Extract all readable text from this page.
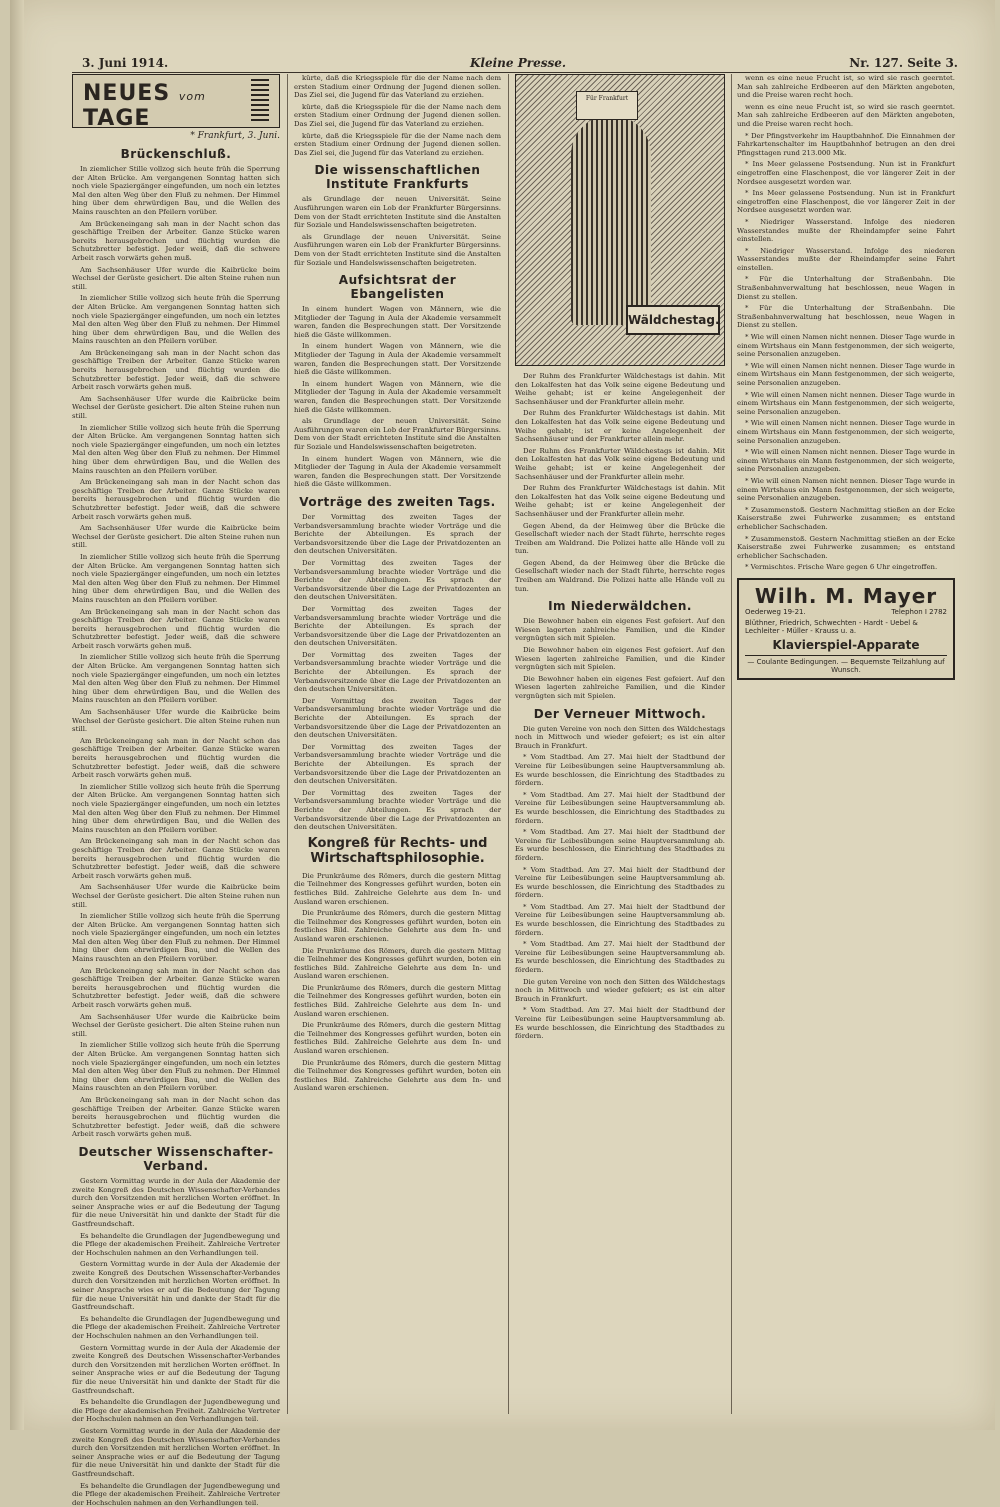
3. Juni 1914.	Kleine Presse.	Nr. 127. Seite 3.
NEUES vom TAGE
* Frankfurt, 3. Juni.
Brückenschluß.

In ziemlicher Stille vollzog sich heute früh die Sperrung der Alten Brücke. Am vergangenen Sonntag hatten sich noch viele Spaziergänger eingefunden, um noch ein letztes Mal den alten Weg über den Fluß zu nehmen. Der Himmel hing über dem ehrwürdigen Bau, und die Wellen des Mains rauschten an den Pfeilern vorüber.

Am Brückeneingang sah man in der Nacht schon das geschäftige Treiben der Arbeiter. Ganze Stücke waren bereits herausgebrochen und flüchtig wurden die Schutzbretter befestigt. Jeder weiß, daß die schwere Arbeit rasch vorwärts gehen muß.

Am Sachsenhäuser Ufer wurde die Kaibrücke beim Wechsel der Gerüste gesichert. Die alten Steine ruhen nun still.

In ziemlicher Stille vollzog sich heute früh die Sperrung der Alten Brücke. Am vergangenen Sonntag hatten sich noch viele Spaziergänger eingefunden, um noch ein letztes Mal den alten Weg über den Fluß zu nehmen. Der Himmel hing über dem ehrwürdigen Bau, und die Wellen des Mains rauschten an den Pfeilern vorüber.

Am Brückeneingang sah man in der Nacht schon das geschäftige Treiben der Arbeiter. Ganze Stücke waren bereits herausgebrochen und flüchtig wurden die Schutzbretter befestigt. Jeder weiß, daß die schwere Arbeit rasch vorwärts gehen muß.

Am Sachsenhäuser Ufer wurde die Kaibrücke beim Wechsel der Gerüste gesichert. Die alten Steine ruhen nun still.

In ziemlicher Stille vollzog sich heute früh die Sperrung der Alten Brücke. Am vergangenen Sonntag hatten sich noch viele Spaziergänger eingefunden, um noch ein letztes Mal den alten Weg über den Fluß zu nehmen. Der Himmel hing über dem ehrwürdigen Bau, und die Wellen des Mains rauschten an den Pfeilern vorüber.

Am Brückeneingang sah man in der Nacht schon das geschäftige Treiben der Arbeiter. Ganze Stücke waren bereits herausgebrochen und flüchtig wurden die Schutzbretter befestigt. Jeder weiß, daß die schwere Arbeit rasch vorwärts gehen muß.

Am Sachsenhäuser Ufer wurde die Kaibrücke beim Wechsel der Gerüste gesichert. Die alten Steine ruhen nun still.

In ziemlicher Stille vollzog sich heute früh die Sperrung der Alten Brücke. Am vergangenen Sonntag hatten sich noch viele Spaziergänger eingefunden, um noch ein letztes Mal den alten Weg über den Fluß zu nehmen. Der Himmel hing über dem ehrwürdigen Bau, und die Wellen des Mains rauschten an den Pfeilern vorüber.

Am Brückeneingang sah man in der Nacht schon das geschäftige Treiben der Arbeiter. Ganze Stücke waren bereits herausgebrochen und flüchtig wurden die Schutzbretter befestigt. Jeder weiß, daß die schwere Arbeit rasch vorwärts gehen muß.

In ziemlicher Stille vollzog sich heute früh die Sperrung der Alten Brücke. Am vergangenen Sonntag hatten sich noch viele Spaziergänger eingefunden, um noch ein letztes Mal den alten Weg über den Fluß zu nehmen. Der Himmel hing über dem ehrwürdigen Bau, und die Wellen des Mains rauschten an den Pfeilern vorüber.

Am Sachsenhäuser Ufer wurde die Kaibrücke beim Wechsel der Gerüste gesichert. Die alten Steine ruhen nun still.

Am Brückeneingang sah man in der Nacht schon das geschäftige Treiben der Arbeiter. Ganze Stücke waren bereits herausgebrochen und flüchtig wurden die Schutzbretter befestigt. Jeder weiß, daß die schwere Arbeit rasch vorwärts gehen muß.

In ziemlicher Stille vollzog sich heute früh die Sperrung der Alten Brücke. Am vergangenen Sonntag hatten sich noch viele Spaziergänger eingefunden, um noch ein letztes Mal den alten Weg über den Fluß zu nehmen. Der Himmel hing über dem ehrwürdigen Bau, und die Wellen des Mains rauschten an den Pfeilern vorüber.

Am Brückeneingang sah man in der Nacht schon das geschäftige Treiben der Arbeiter. Ganze Stücke waren bereits herausgebrochen und flüchtig wurden die Schutzbretter befestigt. Jeder weiß, daß die schwere Arbeit rasch vorwärts gehen muß.

Am Sachsenhäuser Ufer wurde die Kaibrücke beim Wechsel der Gerüste gesichert. Die alten Steine ruhen nun still.

In ziemlicher Stille vollzog sich heute früh die Sperrung der Alten Brücke. Am vergangenen Sonntag hatten sich noch viele Spaziergänger eingefunden, um noch ein letztes Mal den alten Weg über den Fluß zu nehmen. Der Himmel hing über dem ehrwürdigen Bau, und die Wellen des Mains rauschten an den Pfeilern vorüber.

Am Brückeneingang sah man in der Nacht schon das geschäftige Treiben der Arbeiter. Ganze Stücke waren bereits herausgebrochen und flüchtig wurden die Schutzbretter befestigt. Jeder weiß, daß die schwere Arbeit rasch vorwärts gehen muß.

Am Sachsenhäuser Ufer wurde die Kaibrücke beim Wechsel der Gerüste gesichert. Die alten Steine ruhen nun still.

In ziemlicher Stille vollzog sich heute früh die Sperrung der Alten Brücke. Am vergangenen Sonntag hatten sich noch viele Spaziergänger eingefunden, um noch ein letztes Mal den alten Weg über den Fluß zu nehmen. Der Himmel hing über dem ehrwürdigen Bau, und die Wellen des Mains rauschten an den Pfeilern vorüber.

Am Brückeneingang sah man in der Nacht schon das geschäftige Treiben der Arbeiter. Ganze Stücke waren bereits herausgebrochen und flüchtig wurden die Schutzbretter befestigt. Jeder weiß, daß die schwere Arbeit rasch vorwärts gehen muß.

Deutscher Wissenschafter-Verband.

Gestern Vormittag wurde in der Aula der Akademie der zweite Kongreß des Deutschen Wissenschafter-Verbandes durch den Vorsitzenden mit herzlichen Worten eröffnet. In seiner Ansprache wies er auf die Bedeutung der Tagung für die neue Universität hin und dankte der Stadt für die Gastfreundschaft.

Es behandelte die Grundlagen der Jugendbewegung und die Pflege der akademischen Freiheit. Zahlreiche Vertreter der Hochschulen nahmen an den Verhandlungen teil.

Gestern Vormittag wurde in der Aula der Akademie der zweite Kongreß des Deutschen Wissenschafter-Verbandes durch den Vorsitzenden mit herzlichen Worten eröffnet. In seiner Ansprache wies er auf die Bedeutung der Tagung für die neue Universität hin und dankte der Stadt für die Gastfreundschaft.

Es behandelte die Grundlagen der Jugendbewegung und die Pflege der akademischen Freiheit. Zahlreiche Vertreter der Hochschulen nahmen an den Verhandlungen teil.

Gestern Vormittag wurde in der Aula der Akademie der zweite Kongreß des Deutschen Wissenschafter-Verbandes durch den Vorsitzenden mit herzlichen Worten eröffnet. In seiner Ansprache wies er auf die Bedeutung der Tagung für die neue Universität hin und dankte der Stadt für die Gastfreundschaft.

Es behandelte die Grundlagen der Jugendbewegung und die Pflege der akademischen Freiheit. Zahlreiche Vertreter der Hochschulen nahmen an den Verhandlungen teil.

Gestern Vormittag wurde in der Aula der Akademie der zweite Kongreß des Deutschen Wissenschafter-Verbandes durch den Vorsitzenden mit herzlichen Worten eröffnet. In seiner Ansprache wies er auf die Bedeutung der Tagung für die neue Universität hin und dankte der Stadt für die Gastfreundschaft.

Es behandelte die Grundlagen der Jugendbewegung und die Pflege der akademischen Freiheit. Zahlreiche Vertreter der Hochschulen nahmen an den Verhandlungen teil.

kürte, daß die Kriegsspiele für die der Name nach dem ersten Stadium einer Ordnung der Jugend dienen sollen. Das Ziel sei, die Jugend für das Vaterland zu erziehen.

kürte, daß die Kriegsspiele für die der Name nach dem ersten Stadium einer Ordnung der Jugend dienen sollen. Das Ziel sei, die Jugend für das Vaterland zu erziehen.

kürte, daß die Kriegsspiele für die der Name nach dem ersten Stadium einer Ordnung der Jugend dienen sollen. Das Ziel sei, die Jugend für das Vaterland zu erziehen.

Die wissenschaftlichen Institute Frankfurts

als Grundlage der neuen Universität. Seine Ausführungen waren ein Lob der Frankfurter Bürgersinns. Dem von der Stadt errichteten Institute sind die Anstalten für Soziale und Handelswissenschaften beigetreten.

als Grundlage der neuen Universität. Seine Ausführungen waren ein Lob der Frankfurter Bürgersinns. Dem von der Stadt errichteten Institute sind die Anstalten für Soziale und Handelswissenschaften beigetreten.

Aufsichtsrat der Ebangelisten

In einem hundert Wagen von Männern, wie die Mitglieder der Tagung in Aula der Akademie versammelt waren, fanden die Besprechungen statt. Der Vorsitzende hieß die Gäste willkommen.

In einem hundert Wagen von Männern, wie die Mitglieder der Tagung in Aula der Akademie versammelt waren, fanden die Besprechungen statt. Der Vorsitzende hieß die Gäste willkommen.

In einem hundert Wagen von Männern, wie die Mitglieder der Tagung in Aula der Akademie versammelt waren, fanden die Besprechungen statt. Der Vorsitzende hieß die Gäste willkommen.

als Grundlage der neuen Universität. Seine Ausführungen waren ein Lob der Frankfurter Bürgersinns. Dem von der Stadt errichteten Institute sind die Anstalten für Soziale und Handelswissenschaften beigetreten.

In einem hundert Wagen von Männern, wie die Mitglieder der Tagung in Aula der Akademie versammelt waren, fanden die Besprechungen statt. Der Vorsitzende hieß die Gäste willkommen.

Vorträge des zweiten Tags.

Der Vormittag des zweiten Tages der Verbandsversammlung brachte wieder Vorträge und die Berichte der Abteilungen. Es sprach der Verbandsvorsitzende über die Lage der Privatdozenten an den deutschen Universitäten.

Der Vormittag des zweiten Tages der Verbandsversammlung brachte wieder Vorträge und die Berichte der Abteilungen. Es sprach der Verbandsvorsitzende über die Lage der Privatdozenten an den deutschen Universitäten.

Der Vormittag des zweiten Tages der Verbandsversammlung brachte wieder Vorträge und die Berichte der Abteilungen. Es sprach der Verbandsvorsitzende über die Lage der Privatdozenten an den deutschen Universitäten.

Der Vormittag des zweiten Tages der Verbandsversammlung brachte wieder Vorträge und die Berichte der Abteilungen. Es sprach der Verbandsvorsitzende über die Lage der Privatdozenten an den deutschen Universitäten.

Der Vormittag des zweiten Tages der Verbandsversammlung brachte wieder Vorträge und die Berichte der Abteilungen. Es sprach der Verbandsvorsitzende über die Lage der Privatdozenten an den deutschen Universitäten.

Der Vormittag des zweiten Tages der Verbandsversammlung brachte wieder Vorträge und die Berichte der Abteilungen. Es sprach der Verbandsvorsitzende über die Lage der Privatdozenten an den deutschen Universitäten.

Der Vormittag des zweiten Tages der Verbandsversammlung brachte wieder Vorträge und die Berichte der Abteilungen. Es sprach der Verbandsvorsitzende über die Lage der Privatdozenten an den deutschen Universitäten.

Kongreß für Rechts- und Wirtschaftsphilosophie.

Die Prunkräume des Römers, durch die gestern Mittag die Teilnehmer des Kongresses geführt wurden, boten ein festliches Bild. Zahlreiche Gelehrte aus dem In- und Ausland waren erschienen.

Die Prunkräume des Römers, durch die gestern Mittag die Teilnehmer des Kongresses geführt wurden, boten ein festliches Bild. Zahlreiche Gelehrte aus dem In- und Ausland waren erschienen.

Die Prunkräume des Römers, durch die gestern Mittag die Teilnehmer des Kongresses geführt wurden, boten ein festliches Bild. Zahlreiche Gelehrte aus dem In- und Ausland waren erschienen.

Die Prunkräume des Römers, durch die gestern Mittag die Teilnehmer des Kongresses geführt wurden, boten ein festliches Bild. Zahlreiche Gelehrte aus dem In- und Ausland waren erschienen.

Die Prunkräume des Römers, durch die gestern Mittag die Teilnehmer des Kongresses geführt wurden, boten ein festliches Bild. Zahlreiche Gelehrte aus dem In- und Ausland waren erschienen.

Die Prunkräume des Römers, durch die gestern Mittag die Teilnehmer des Kongresses geführt wurden, boten ein festliches Bild. Zahlreiche Gelehrte aus dem In- und Ausland waren erschienen.

Für Frankfurt
Wäldchestag.

Der Ruhm des Frankfurter Wäldchestags ist dahin. Mit den Lokalfesten hat das Volk seine eigene Bedeutung und Weihe gehabt; ist er keine Angelegenheit der Sachsenhäuser und der Frankfurter allein mehr.

Der Ruhm des Frankfurter Wäldchestags ist dahin. Mit den Lokalfesten hat das Volk seine eigene Bedeutung und Weihe gehabt; ist er keine Angelegenheit der Sachsenhäuser und der Frankfurter allein mehr.

Der Ruhm des Frankfurter Wäldchestags ist dahin. Mit den Lokalfesten hat das Volk seine eigene Bedeutung und Weihe gehabt; ist er keine Angelegenheit der Sachsenhäuser und der Frankfurter allein mehr.

Der Ruhm des Frankfurter Wäldchestags ist dahin. Mit den Lokalfesten hat das Volk seine eigene Bedeutung und Weihe gehabt; ist er keine Angelegenheit der Sachsenhäuser und der Frankfurter allein mehr.

Gegen Abend, da der Heimweg über die Brücke die Gesellschaft wieder nach der Stadt führte, herrschte reges Treiben am Waldrand. Die Polizei hatte alle Hände voll zu tun.

Gegen Abend, da der Heimweg über die Brücke die Gesellschaft wieder nach der Stadt führte, herrschte reges Treiben am Waldrand. Die Polizei hatte alle Hände voll zu tun.

Im Niederwäldchen.

Die Bewohner haben ein eigenes Fest gefeiert. Auf den Wiesen lagerten zahlreiche Familien, und die Kinder vergnügten sich mit Spielen.

Die Bewohner haben ein eigenes Fest gefeiert. Auf den Wiesen lagerten zahlreiche Familien, und die Kinder vergnügten sich mit Spielen.

Die Bewohner haben ein eigenes Fest gefeiert. Auf den Wiesen lagerten zahlreiche Familien, und die Kinder vergnügten sich mit Spielen.

Der Verneuer Mittwoch.

Die guten Vereine von noch den Sitten des Wäldchestags noch in Mittwoch und wieder gefeiert; es ist ein alter Brauch in Frankfurt.

* Vom Stadtbad. Am 27. Mai hielt der Stadtbund der Vereine für Leibesübungen seine Hauptversammlung ab. Es wurde beschlossen, die Einrichtung des Stadtbades zu fördern.

* Vom Stadtbad. Am 27. Mai hielt der Stadtbund der Vereine für Leibesübungen seine Hauptversammlung ab. Es wurde beschlossen, die Einrichtung des Stadtbades zu fördern.

* Vom Stadtbad. Am 27. Mai hielt der Stadtbund der Vereine für Leibesübungen seine Hauptversammlung ab. Es wurde beschlossen, die Einrichtung des Stadtbades zu fördern.

* Vom Stadtbad. Am 27. Mai hielt der Stadtbund der Vereine für Leibesübungen seine Hauptversammlung ab. Es wurde beschlossen, die Einrichtung des Stadtbades zu fördern.

* Vom Stadtbad. Am 27. Mai hielt der Stadtbund der Vereine für Leibesübungen seine Hauptversammlung ab. Es wurde beschlossen, die Einrichtung des Stadtbades zu fördern.

* Vom Stadtbad. Am 27. Mai hielt der Stadtbund der Vereine für Leibesübungen seine Hauptversammlung ab. Es wurde beschlossen, die Einrichtung des Stadtbades zu fördern.

Die guten Vereine von noch den Sitten des Wäldchestags noch in Mittwoch und wieder gefeiert; es ist ein alter Brauch in Frankfurt.

* Vom Stadtbad. Am 27. Mai hielt der Stadtbund der Vereine für Leibesübungen seine Hauptversammlung ab. Es wurde beschlossen, die Einrichtung des Stadtbades zu fördern.

wenn es eine neue Frucht ist, so wird sie rasch geerntet. Man sah zahlreiche Erdbeeren auf den Märkten angeboten, und die Preise waren recht hoch.

wenn es eine neue Frucht ist, so wird sie rasch geerntet. Man sah zahlreiche Erdbeeren auf den Märkten angeboten, und die Preise waren recht hoch.

* Der Pfingstverkehr im Hauptbahnhof. Die Einnahmen der Fahrkartenschalter im Hauptbahnhof betrugen an den drei Pfingsttagen rund 213.000 Mk.

* Ins Meer gelassene Postsendung. Nun ist in Frankfurt eingetroffen eine Flaschenpost, die vor längerer Zeit in der Nordsee ausgesetzt worden war.

* Ins Meer gelassene Postsendung. Nun ist in Frankfurt eingetroffen eine Flaschenpost, die vor längerer Zeit in der Nordsee ausgesetzt worden war.

* Niedriger Wasserstand. Infolge des niederen Wasserstandes mußte der Rheindampfer seine Fahrt einstellen.

* Niedriger Wasserstand. Infolge des niederen Wasserstandes mußte der Rheindampfer seine Fahrt einstellen.

* Für die Unterhaltung der Straßenbahn. Die Straßenbahnverwaltung hat beschlossen, neue Wagen in Dienst zu stellen.

* Für die Unterhaltung der Straßenbahn. Die Straßenbahnverwaltung hat beschlossen, neue Wagen in Dienst zu stellen.

* Wie will einen Namen nicht nennen. Dieser Tage wurde in einem Wirtshaus ein Mann festgenommen, der sich weigerte, seine Personalien anzugeben.

* Wie will einen Namen nicht nennen. Dieser Tage wurde in einem Wirtshaus ein Mann festgenommen, der sich weigerte, seine Personalien anzugeben.

* Wie will einen Namen nicht nennen. Dieser Tage wurde in einem Wirtshaus ein Mann festgenommen, der sich weigerte, seine Personalien anzugeben.

* Wie will einen Namen nicht nennen. Dieser Tage wurde in einem Wirtshaus ein Mann festgenommen, der sich weigerte, seine Personalien anzugeben.

* Wie will einen Namen nicht nennen. Dieser Tage wurde in einem Wirtshaus ein Mann festgenommen, der sich weigerte, seine Personalien anzugeben.

* Wie will einen Namen nicht nennen. Dieser Tage wurde in einem Wirtshaus ein Mann festgenommen, der sich weigerte, seine Personalien anzugeben.

* Zusammenstoß. Gestern Nachmittag stießen an der Ecke Kaiserstraße zwei Fuhrwerke zusammen; es entstand erheblicher Sachschaden.

* Zusammenstoß. Gestern Nachmittag stießen an der Ecke Kaiserstraße zwei Fuhrwerke zusammen; es entstand erheblicher Sachschaden.

* Vermischtes. Frische Ware gegen 6 Uhr eingetroffen.

Wilh. M. Mayer
Oederweg 19-21.	Telephon I 2782
Blüthner, Friedrich, Schwechten - Hardt - Uebel & Lechleiter - Müller - Krauss u. a.
Klavierspiel-Apparate
— Coulante Bedingungen. — Bequemste Teilzahlung auf Wunsch.
